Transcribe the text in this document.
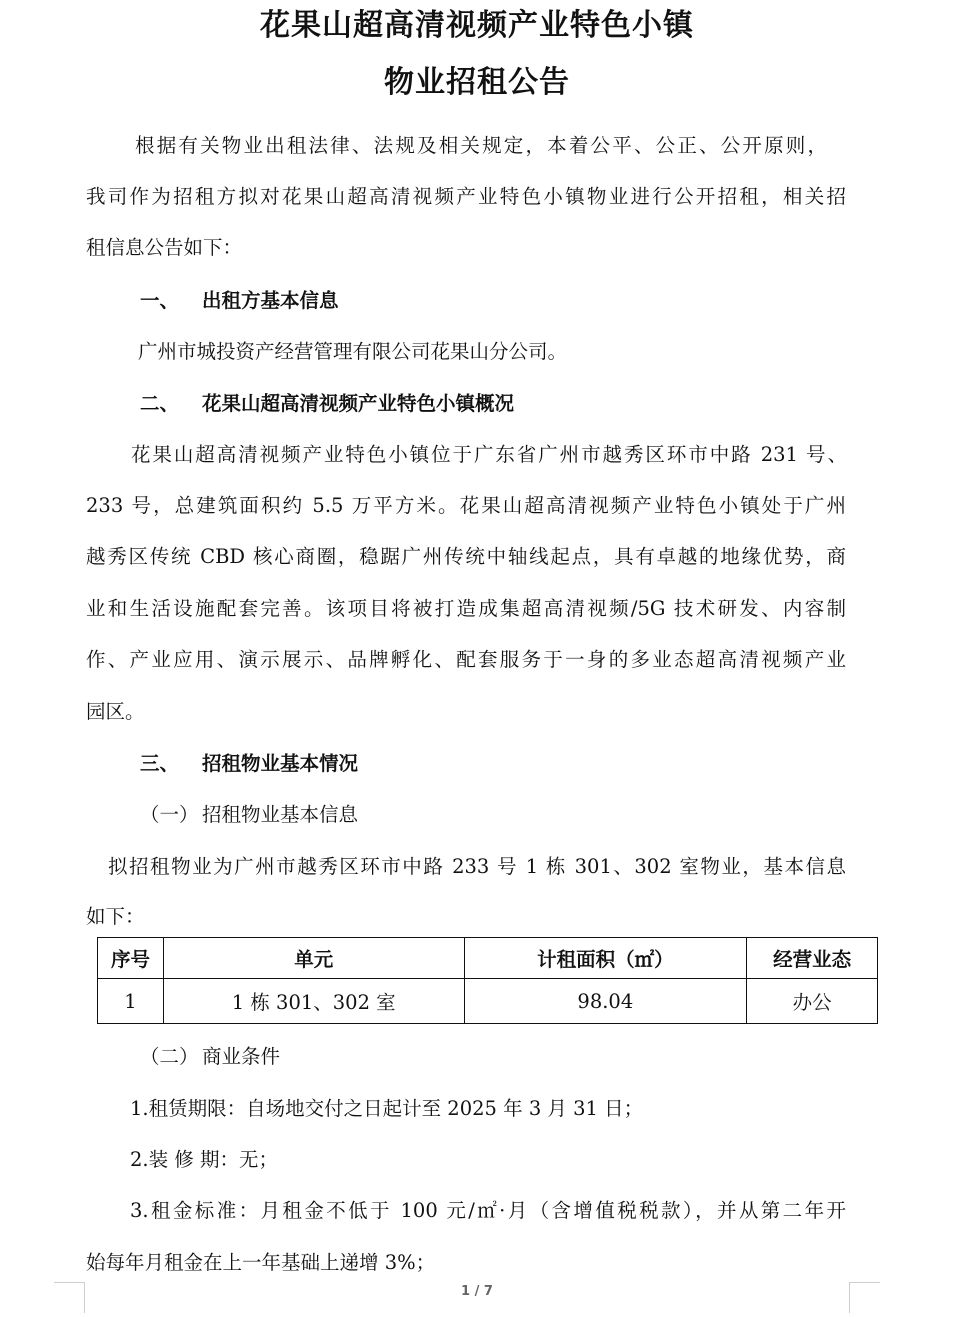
花果山超高清视频产业特色小镇
物业招租公告
根据有关物业出租法律、法规及相关规定，本着公平、公正、公开原则，
我司作为招租方拟对花果山超高清视频产业特色小镇物业进行公开招租，相关招
租信息公告如下：
一、 出租方基本信息
广州市城投资产经营管理有限公司花果山分公司。
二、 花果山超高清视频产业特色小镇概况
花果山超高清视频产业特色小镇位于广东省广州市越秀区环市中路 231 号、
233 号，总建筑面积约 5.5 万平方米。花果山超高清视频产业特色小镇处于广州
越秀区传统 CBD 核心商圈，稳踞广州传统中轴线起点，具有卓越的地缘优势，商
业和生活设施配套完善。该项目将被打造成集超高清视频/5G 技术研发、内容制
作、产业应用、演示展示、品牌孵化、配套服务于一身的多业态超高清视频产业
园区。
三、 招租物业基本情况
（一） 招租物业基本信息
拟招租物业为广州市越秀区环市中路 233 号 1 栋 301、302 室物业，基本信息
如下：
序号	单元	计租面积（㎡）	经营业态
1	1 栋 301、302 室	98.04	办公
（二） 商业条件
1.租赁期限：自场地交付之日起计至 2025 年 3 月 31 日；
2.装 修 期：无；
3.租金标准：月租金不低于 100 元/㎡·月（含增值税税款），并从第二年开
始每年月租金在上一年基础上递增 3%；
1 / 7
